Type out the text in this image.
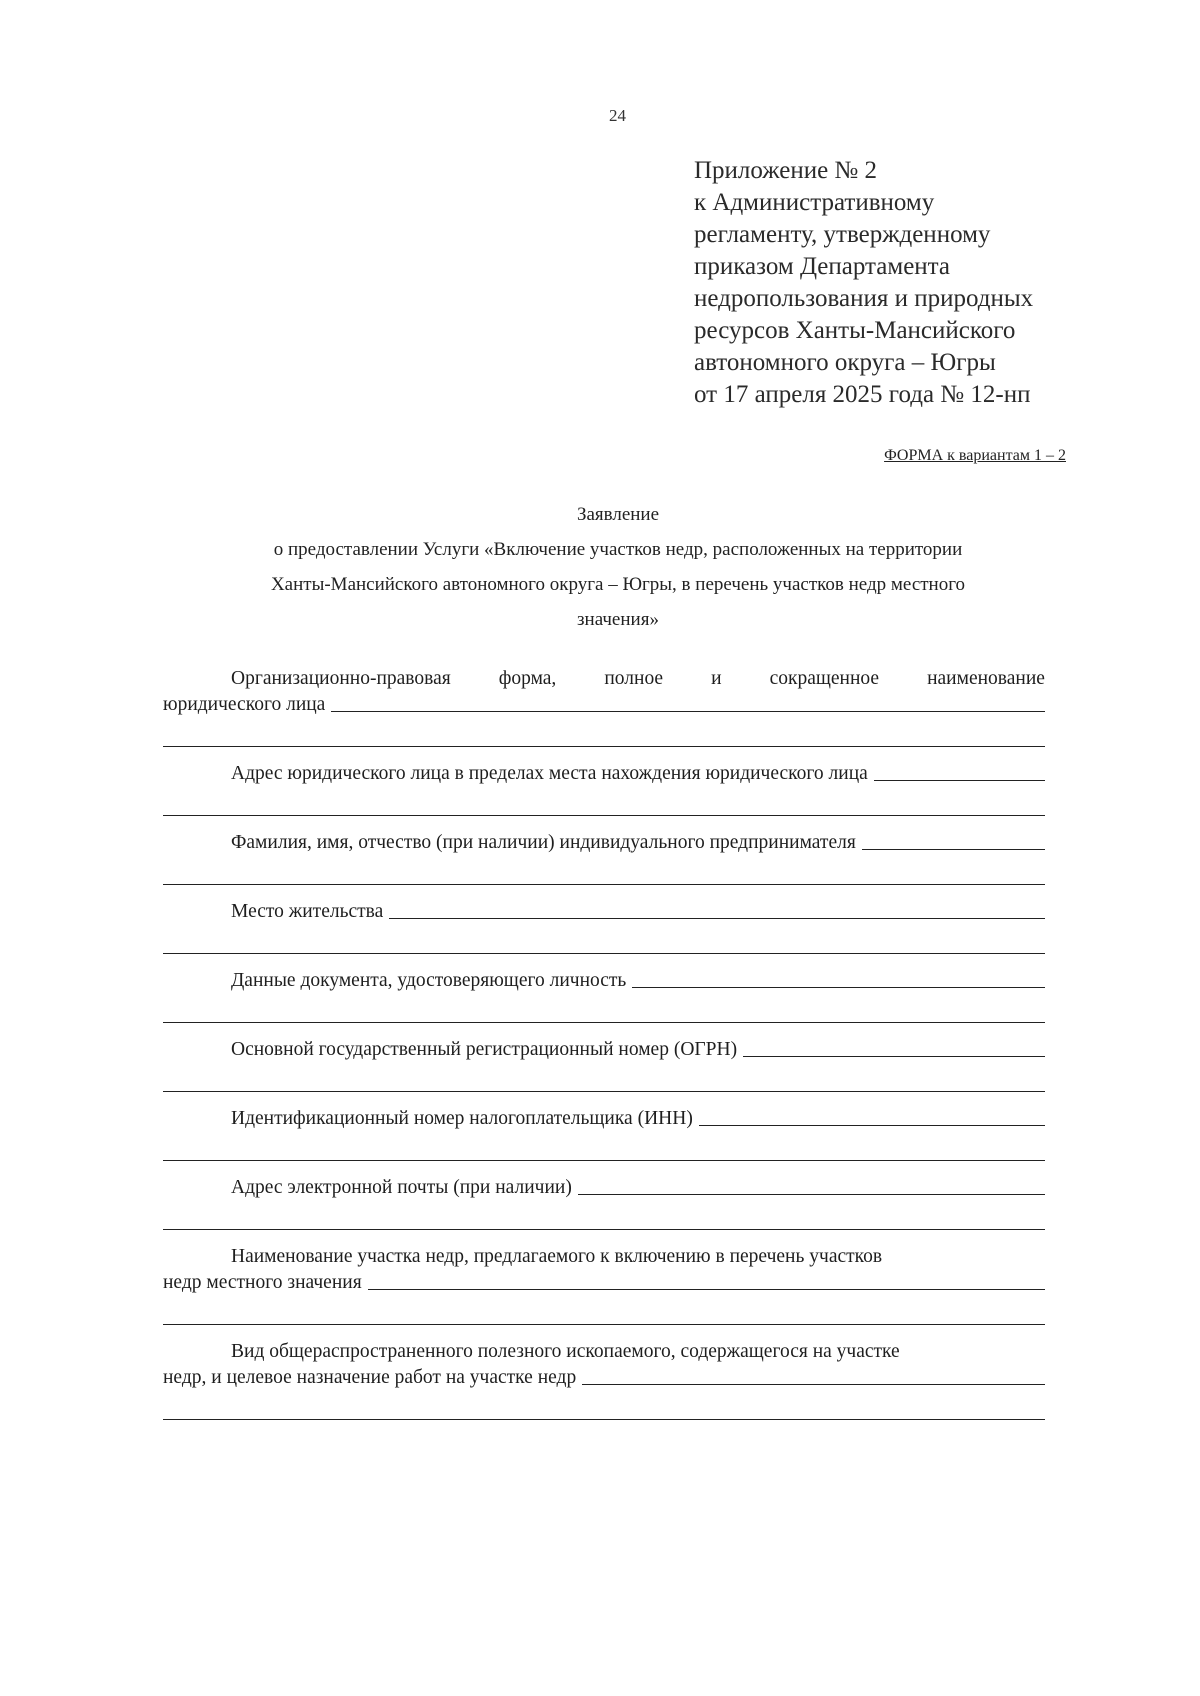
24
Приложение № 2
к Административному
регламенту, утвержденному
приказом Департамента
недропользования и природных
ресурсов Ханты-Мансийского
автономного округа – Югры
от 17 апреля 2025 года № 12-нп
ФОРМА к вариантам 1 – 2
Заявление
о предоставлении Услуги «Включение участков недр, расположенных на территории
Ханты-Мансийского автономного округа – Югры, в перечень участков недр местного
значения»
Организационно-правовая форма, полное и сокращенное наименование
юридического лица
Адрес юридического лица в пределах места нахождения юридического лица
Фамилия, имя, отчество (при наличии) индивидуального предпринимателя
Место жительства
Данные документа, удостоверяющего личность
Основной государственный регистрационный номер (ОГРН)
Идентификационный номер налогоплательщика (ИНН)
Адрес электронной почты (при наличии)
Наименование участка недр, предлагаемого к включению в перечень участков
недр местного значения
Вид общераспространенного полезного ископаемого, содержащегося на участке
недр, и целевое назначение работ на участке недр
